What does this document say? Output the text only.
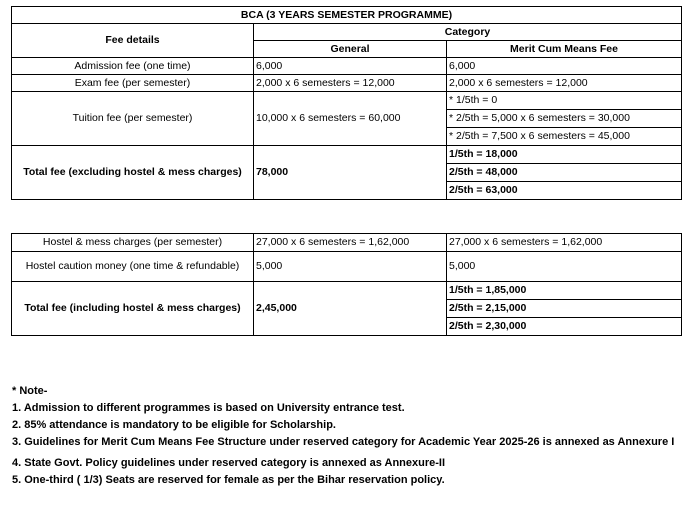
BCA (3 YEARS SEMESTER PROGRAMME)		
Fee details	Category	
	General	Merit Cum Means Fee
Admission fee (one time)	6,000	6,000
Exam fee (per semester)	2,000 x 6 semesters = 12,000	2,000 x 6 semesters = 12,000
Tuition fee (per semester)	10,000 x 6 semesters = 60,000	* 1/5th = 0
		* 2/5th = 5,000 x 6 semesters = 30,000
		* 2/5th = 7,500 x 6 semesters = 45,000
Total fee (excluding hostel & mess charges)	78,000	1/5th = 18,000
		2/5th = 48,000
		2/5th = 63,000
Hostel & mess charges (per semester)	27,000 x 6 semesters = 1,62,000	27,000 x 6 semesters = 1,62,000
Hostel caution money (one time & refundable)	5,000	5,000
Total fee (including hostel & mess charges)	2,45,000	1/5th = 1,85,000
		2/5th = 2,15,000
		2/5th = 2,30,000
* Note-
1. Admission to different programmes is based on University entrance test.
2. 85% attendance is mandatory to be eligible for Scholarship.
3. Guidelines for Merit Cum Means Fee Structure under reserved category for Academic Year 2025-26 is annexed as Annexure I
4. State Govt. Policy guidelines under reserved category is annexed as Annexure-II
5. One-third ( 1/3) Seats are reserved for female as per the Bihar reservation policy.
